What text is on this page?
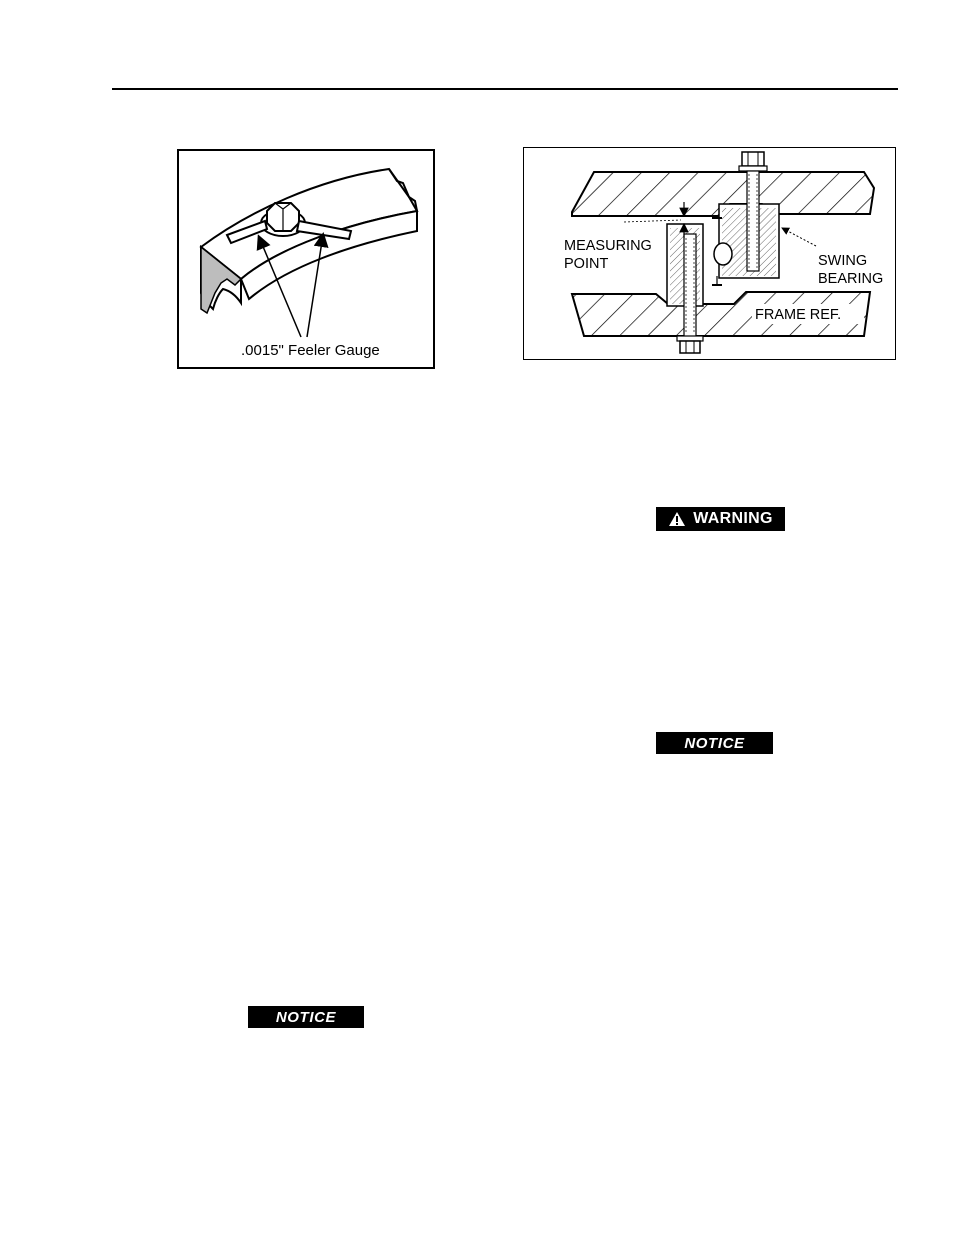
.0015" Feeler Gauge
MEASURING
POINT	SWING
BEARING
FRAME REF.
WARNING
NOTICE
NOTICE
